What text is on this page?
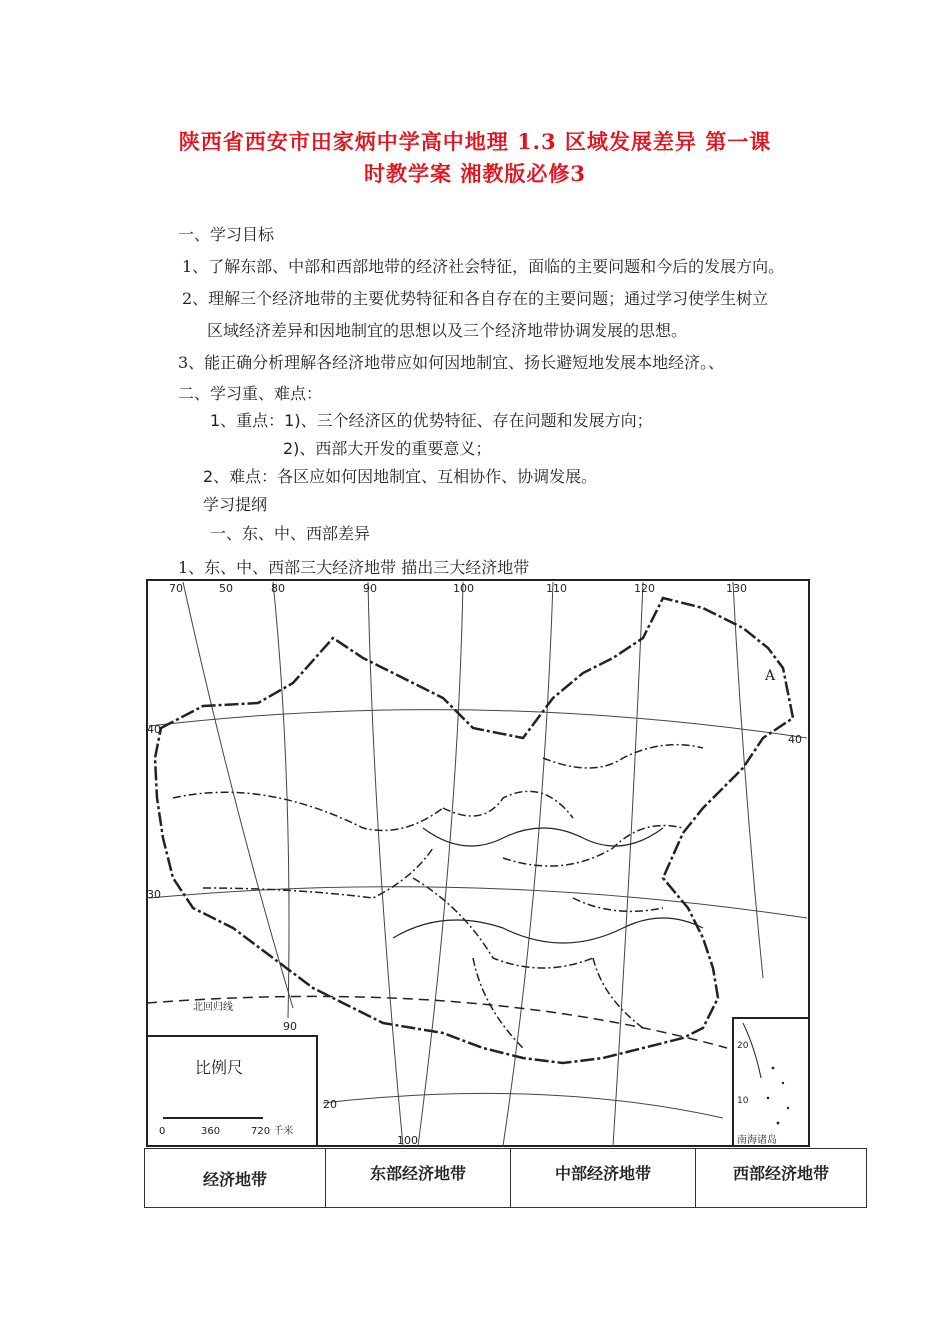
陕西省西安市田家炳中学高中地理 1.3 区域发展差异 第一课
时教学案 湘教版必修3
一、学习目标
1、了解东部、中部和西部地带的经济社会特征，面临的主要问题和今后的发展方向。
2、理解三个经济地带的主要优势特征和各自存在的主要问题；通过学习使学生树立
区域经济差异和因地制宜的思想以及三个经济地带协调发展的思想。
3、能正确分析理解各经济地带应如何因地制宜、扬长避短地发展本地经济。、
二、学习重、难点：
1、重点：1)、三个经济区的优势特征、存在问题和发展方向；
2)、西部大开发的重要意义；
2、难点：各区应如何因地制宜、互相协作、协调发展。
学习提纲
一、东、中、西部差异
1、东、中、西部三大经济地带 描出三大经济地带
70	80	90	100	110	120	130
50
40
40
30
20
90
100
北回归线
A
比例尺
0	360	720 千米
南海诸岛
20
10
经济地带	东部经济地带	中部经济地带	西部经济地带
